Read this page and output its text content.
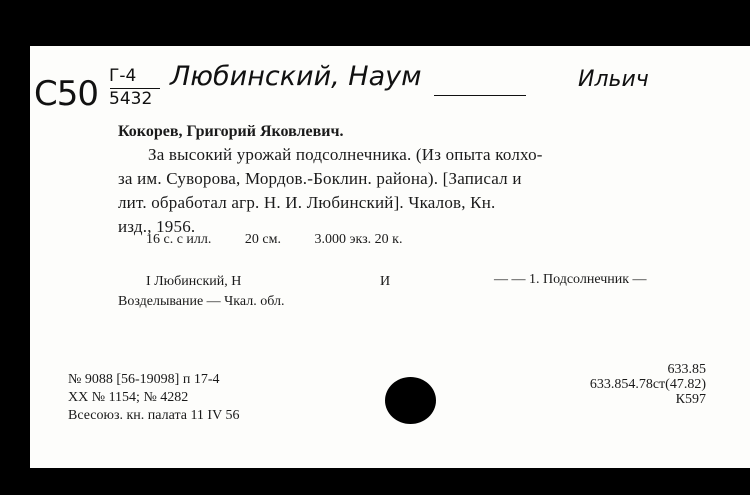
С50 Г-4
5432
Любинский, Наум	Ильич
Кокорев, Григорий Яковлевич.
За высокий урожай подсолнечника. (Из опыта колхо-
за им. Суворова, Мордов.-Боклин. района). [Записал и
лит. обработал агр. Н. И. Любинский]. Чкалов, Кн.
изд., 1956.
16 с. с илл. 20 см. 3.000 экз. 20 к.
I Любинский, Н	И	— — 1. Подсолнечник —
Возделывание — Чкал. обл.
№ 9088 [56-19098] п 17-4
XX № 1154; № 4282
Всесоюз. кн. палата 11 IV 56
633.85
633.854.78ст(47.82)
К597
